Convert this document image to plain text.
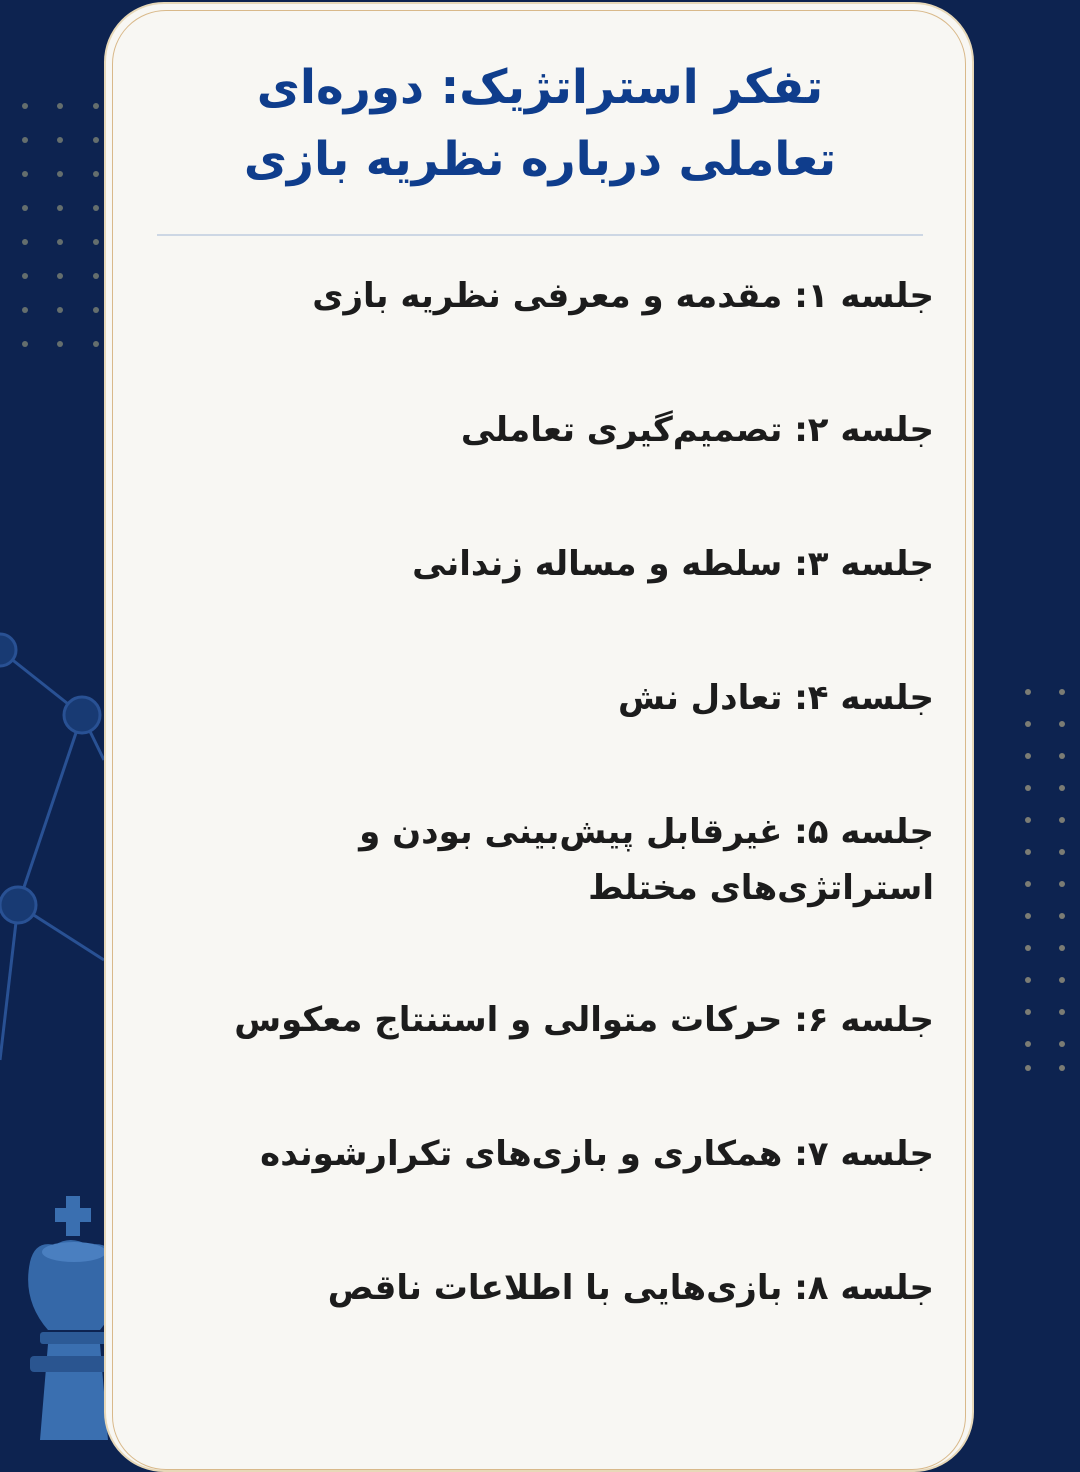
تفکر استراتژیک: دوره‌ای
تعاملی درباره نظریه بازی
جلسه ۱: مقدمه و معرفی نظریه بازی
جلسه ۲: تصمیم‌گیری تعاملی
جلسه ۳: سلطه و مساله زندانی
جلسه ۴: تعادل نش
جلسه ۵: غیرقابل پیش‌بینی بودن و
استراتژی‌های مختلط
جلسه ۶: حرکات متوالی و استنتاج معکوس
جلسه ۷: همکاری و بازی‌های تکرارشونده
جلسه ۸: بازی‌هایی با اطلاعات ناقص
